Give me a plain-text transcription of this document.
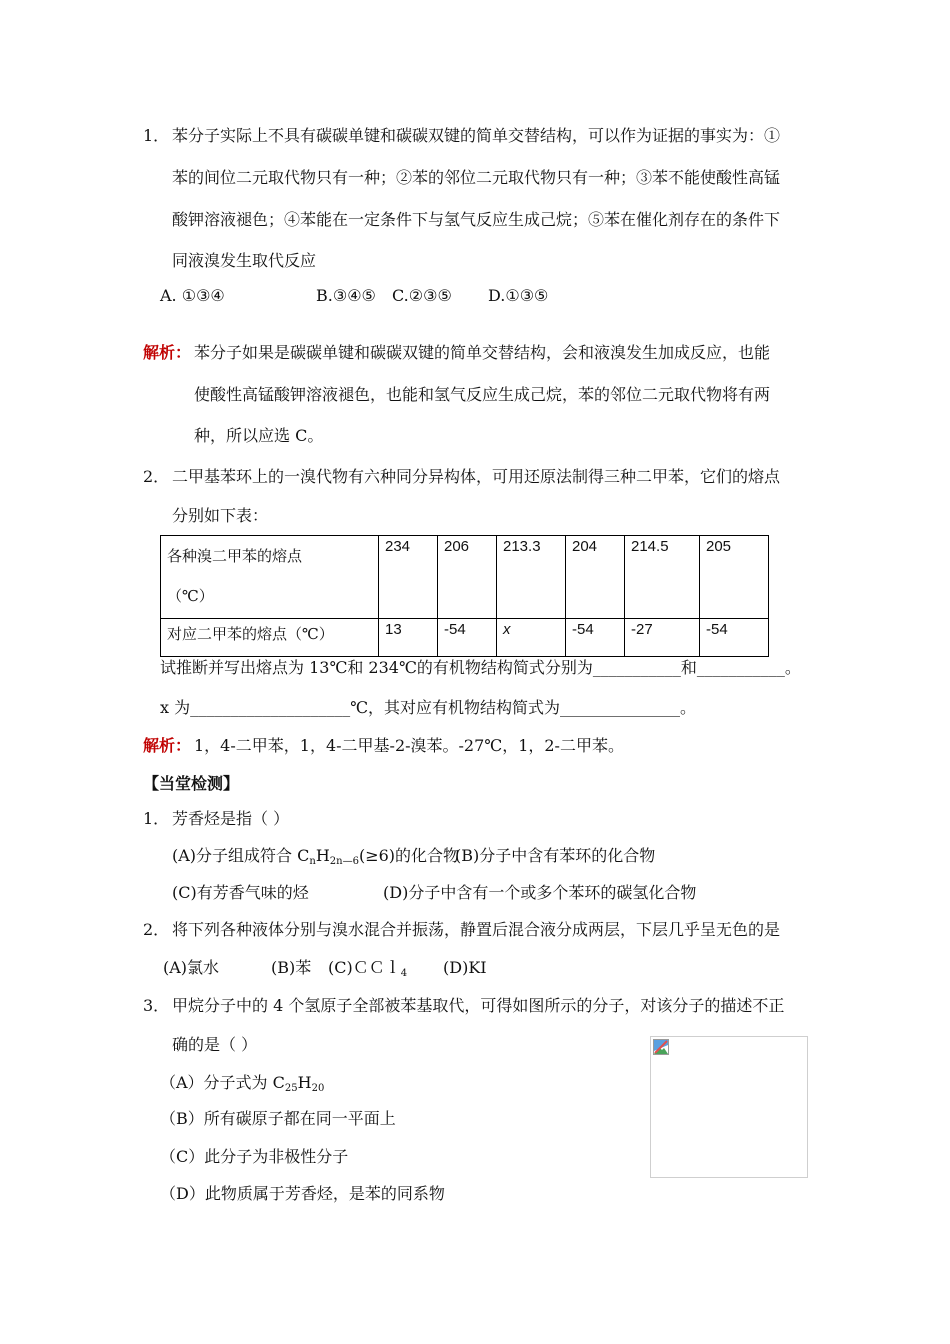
1． 苯分子实际上不具有碳碳单键和碳碳双键的简单交替结构，可以作为证据的事实为：①
苯的间位二元取代物只有一种；②苯的邻位二元取代物只有一种；③苯不能使酸性高锰
酸钾溶液褪色；④苯能在一定条件下与氢气反应生成己烷；⑤苯在催化剂存在的条件下
同液溴发生取代反应
A. ①③④	B.③④⑤ C.②③⑤ D.①③⑤
解析： 苯分子如果是碳碳单键和碳碳双键的简单交替结构，会和液溴发生加成反应，也能
使酸性高锰酸钾溶液褪色，也能和氢气反应生成己烷，苯的邻位二元取代物将有两
种，所以应选 C。
2． 二甲基苯环上的一溴代物有六种同分异构体，可用还原法制得三种二甲苯，它们的熔点
分别如下表：
各种溴二甲苯的熔点
（℃）	234	206	213.3	204	214.5	205
对应二甲苯的熔点（℃）	13	-54	x	-54	-27	-54
试推断并写出熔点为 13℃和 234℃的有机物结构简式分别为___________和___________。
x 为____________________℃，其对应有机物结构简式为_______________。
解析： 1，4-二甲苯，1，4-二甲基-2-溴苯。-27℃，1，2-二甲苯。
【当堂检测】
1． 芳香烃是指（ ）
(A)分子组成符合 $C_nH_{2n—6}(\ge 6)$的化合物
(B)分子中含有苯环的化合物
(C)有芳香气味的烃	(D)分子中含有一个或多个苯环的碳氢化合物
2． 将下列各种液体分别与溴水混合并振荡，静置后混合液分成两层，下层几乎呈无色的是
(A)氯水	(B)苯 (C)ＣＣｌ$_4$ (D)KI
3． 甲烷分子中的 4 个氢原子全部被苯基取代，可得如图所示的分子，对该分子的描述不正
确的是（ ）
（A）分子式为 $C_{25}H_{20}$
（B）所有碳原子都在同一平面上
（C）此分子为非极性分子
（D）此物质属于芳香烃，是苯的同系物
